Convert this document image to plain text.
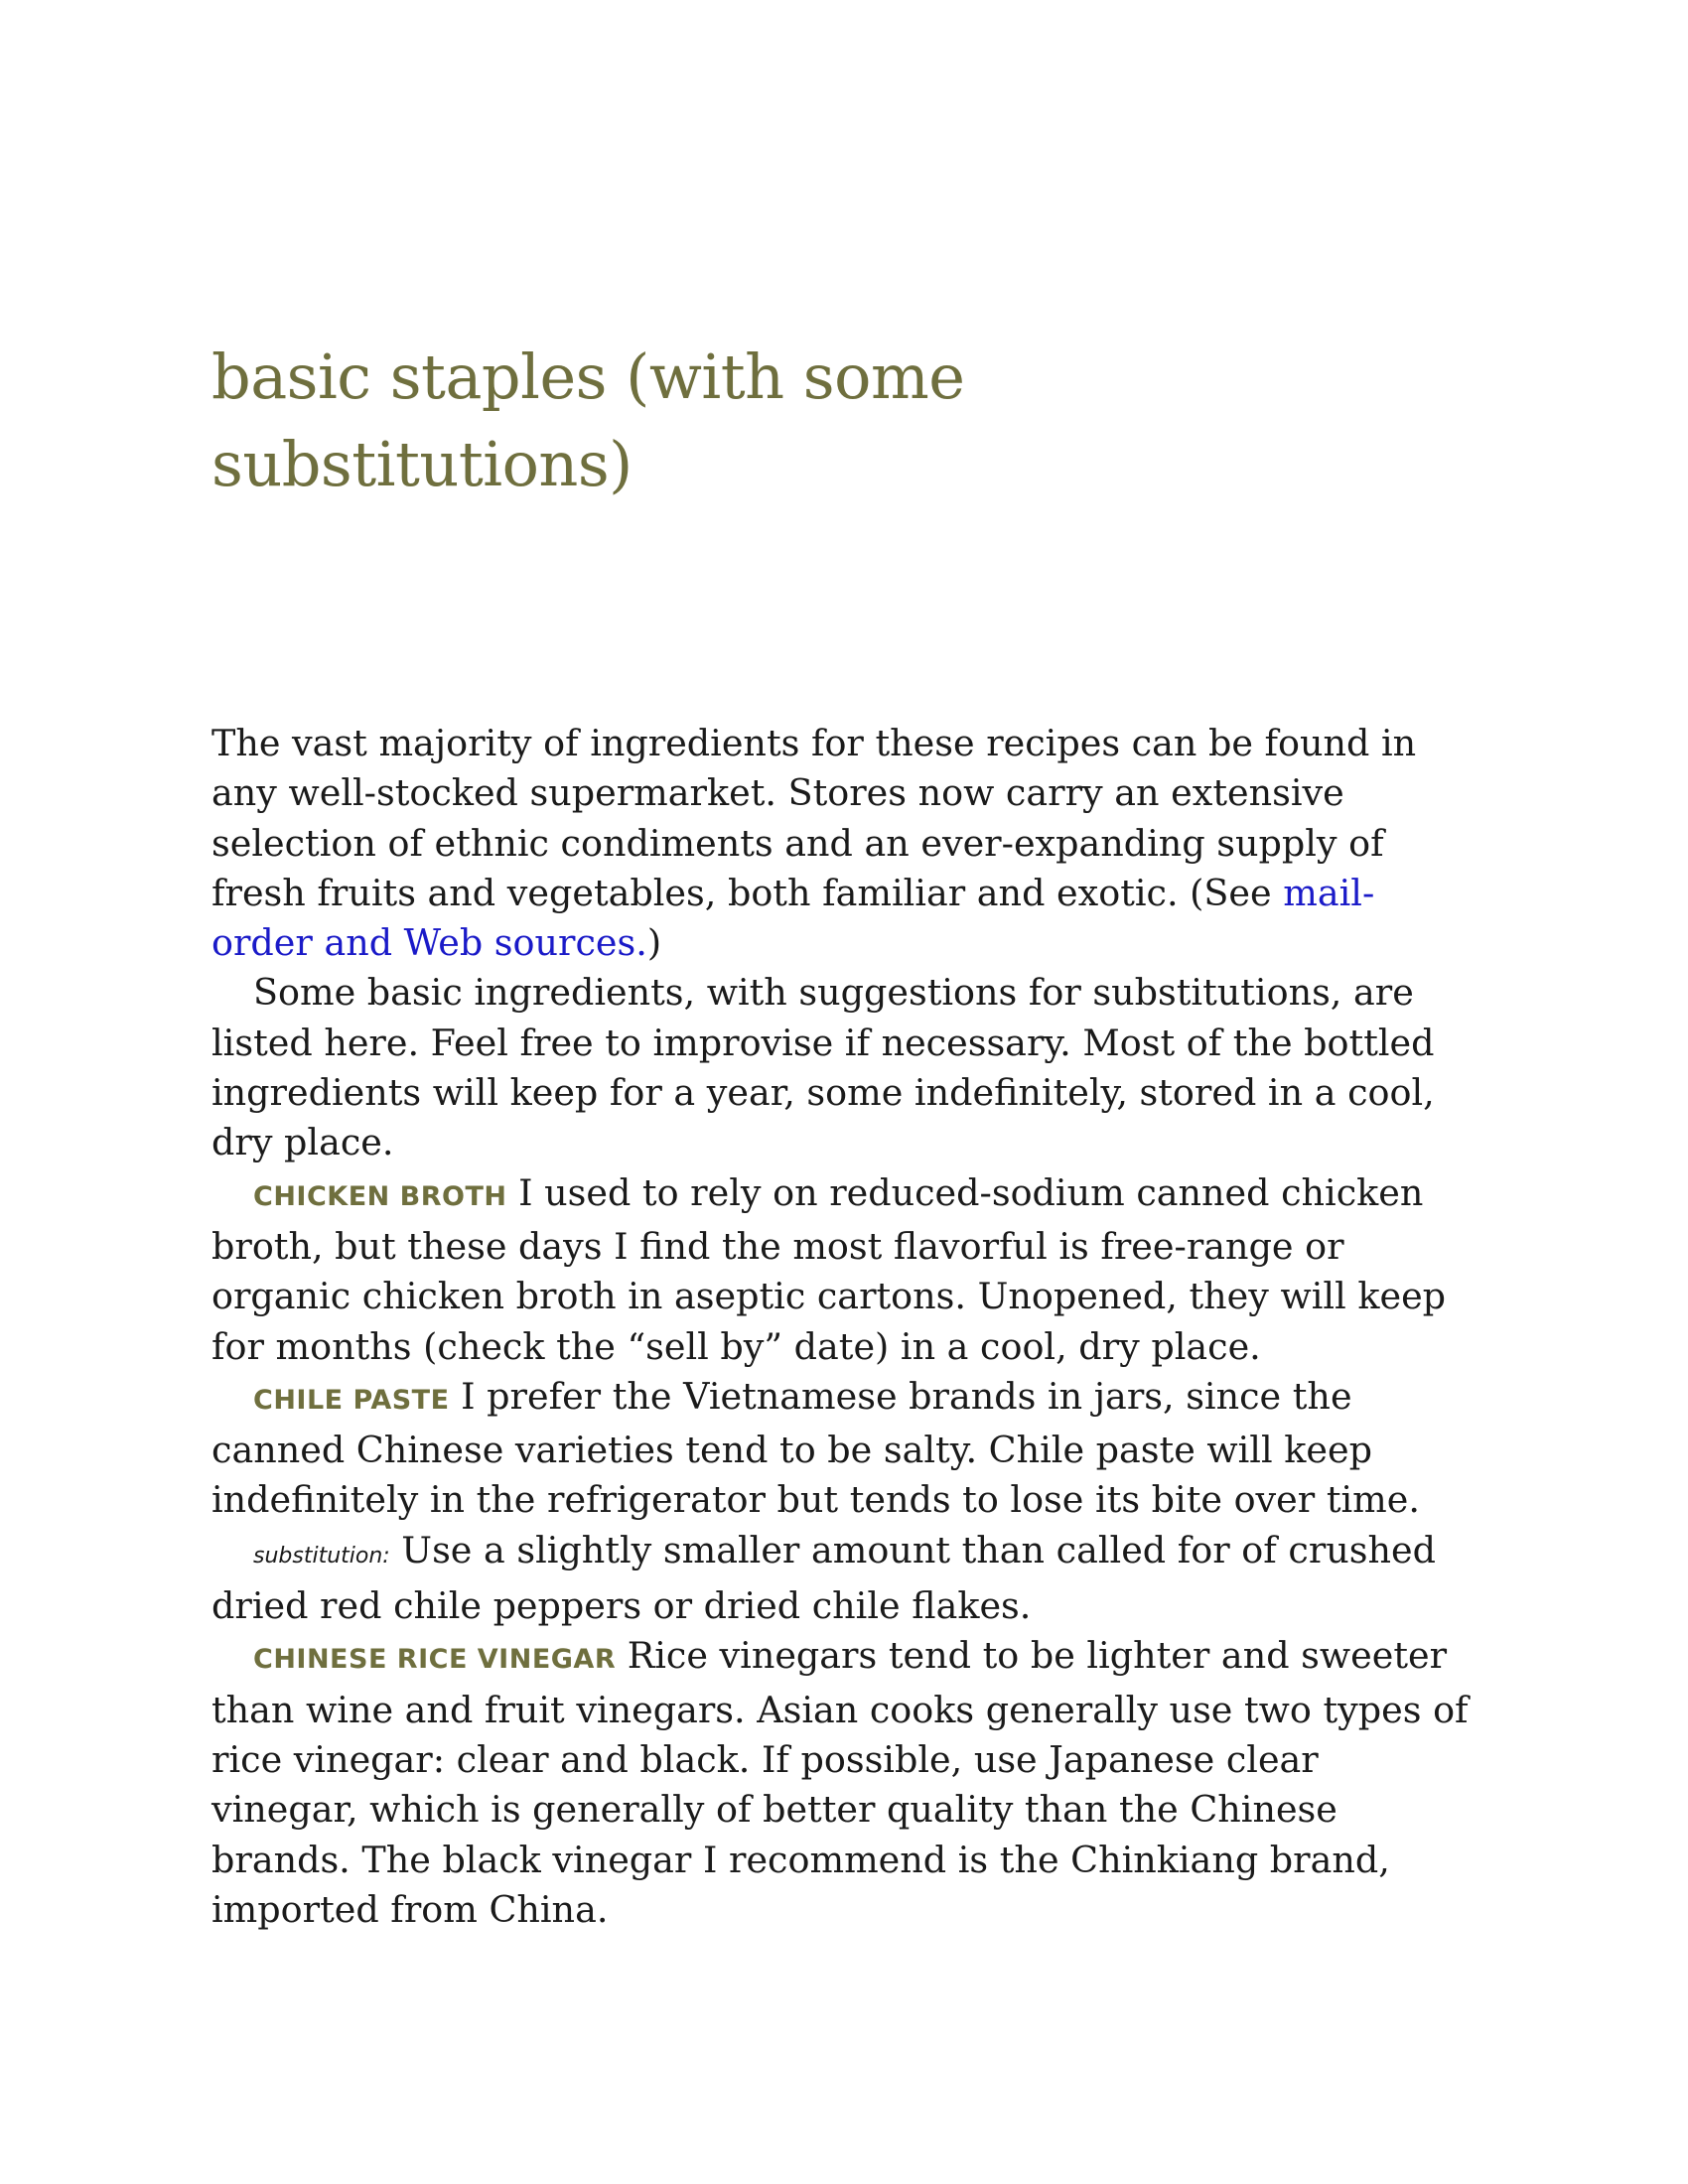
basic staples (with some substitutions)

The vast majority of ingredients for these recipes can be found in any well-stocked supermarket. Stores now carry an extensive selection of ethnic condiments and an ever-expanding supply of fresh fruits and vegetables, both familiar and exotic. (See mail-order and Web sources.)

Some basic ingredients, with suggestions for substitutions, are listed here. Feel free to improvise if necessary. Most of the bottled ingredients will keep for a year, some indefinitely, stored in a cool, dry place.

CHICKEN BROTH I used to rely on reduced-sodium canned chicken broth, but these days I find the most flavorful is free-range or organic chicken broth in aseptic cartons. Unopened, they will keep for months (check the “sell by” date) in a cool, dry place.

CHILE PASTE I prefer the Vietnamese brands in jars, since the canned Chinese varieties tend to be salty. Chile paste will keep indefinitely in the refrigerator but tends to lose its bite over time.

substitution: Use a slightly smaller amount than called for of crushed dried red chile peppers or dried chile flakes.

CHINESE RICE VINEGAR Rice vinegars tend to be lighter and sweeter than wine and fruit vinegars. Asian cooks generally use two types of rice vinegar: clear and black. If possible, use Japanese clear vinegar, which is generally of better quality than the Chinese brands. The black vinegar I recommend is the Chinkiang brand, imported from China.
